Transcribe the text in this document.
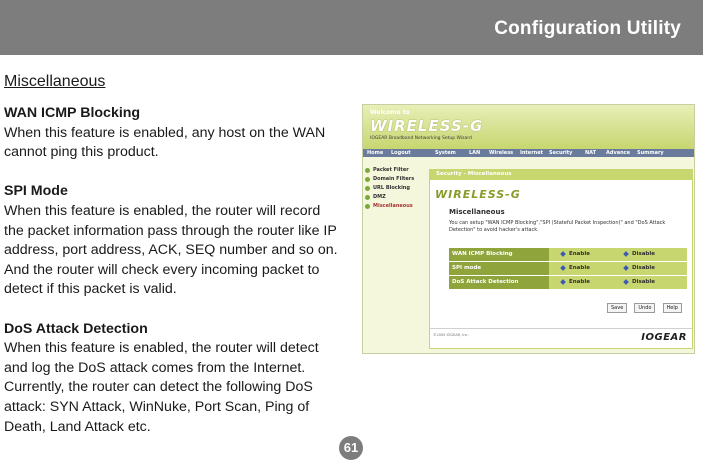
Configuration Utility
Miscellaneous
WAN ICMP Blocking

When this feature is enabled, any host on the WAN cannot ping this product.

SPI Mode

When this feature is enabled, the router will record the packet information pass through the router like IP address, port address, ACK, SEQ number and so on. And the router will check every incoming packet to detect if this packet is valid.

DoS Attack Detection

When this feature is enabled, the router will detect and log the DoS attack comes from the Internet. Currently, the router can detect the following DoS attack: SYN Attack, WinNuke, Port Scan, Ping of Death, Land Attack etc.

Welcome to
WIRELESS-G
IOGEAR Broadband Networking Setup Wizard
Home Logout	System	LAN Wireless Internet Security	NAT Advance Summary
Packet Filter
Domain Filters
URL Blocking
DMZ
Miscellaneous
Security - Miscellaneous
WIRELESS-G
Miscellaneous
You can setup "WAN ICMP Blocking","SPI (Stateful Packet Inspection)" and "DoS Attack Detection" to avoid hacker's attack.
WAN ICMP Blocking	Enable	Disable
SPI mode	Enable	Disable
DoS Attack Detection	Enable	Disable
Save	Undo	Help
©2005 IOGEAR, Inc.	IOGEAR
61
